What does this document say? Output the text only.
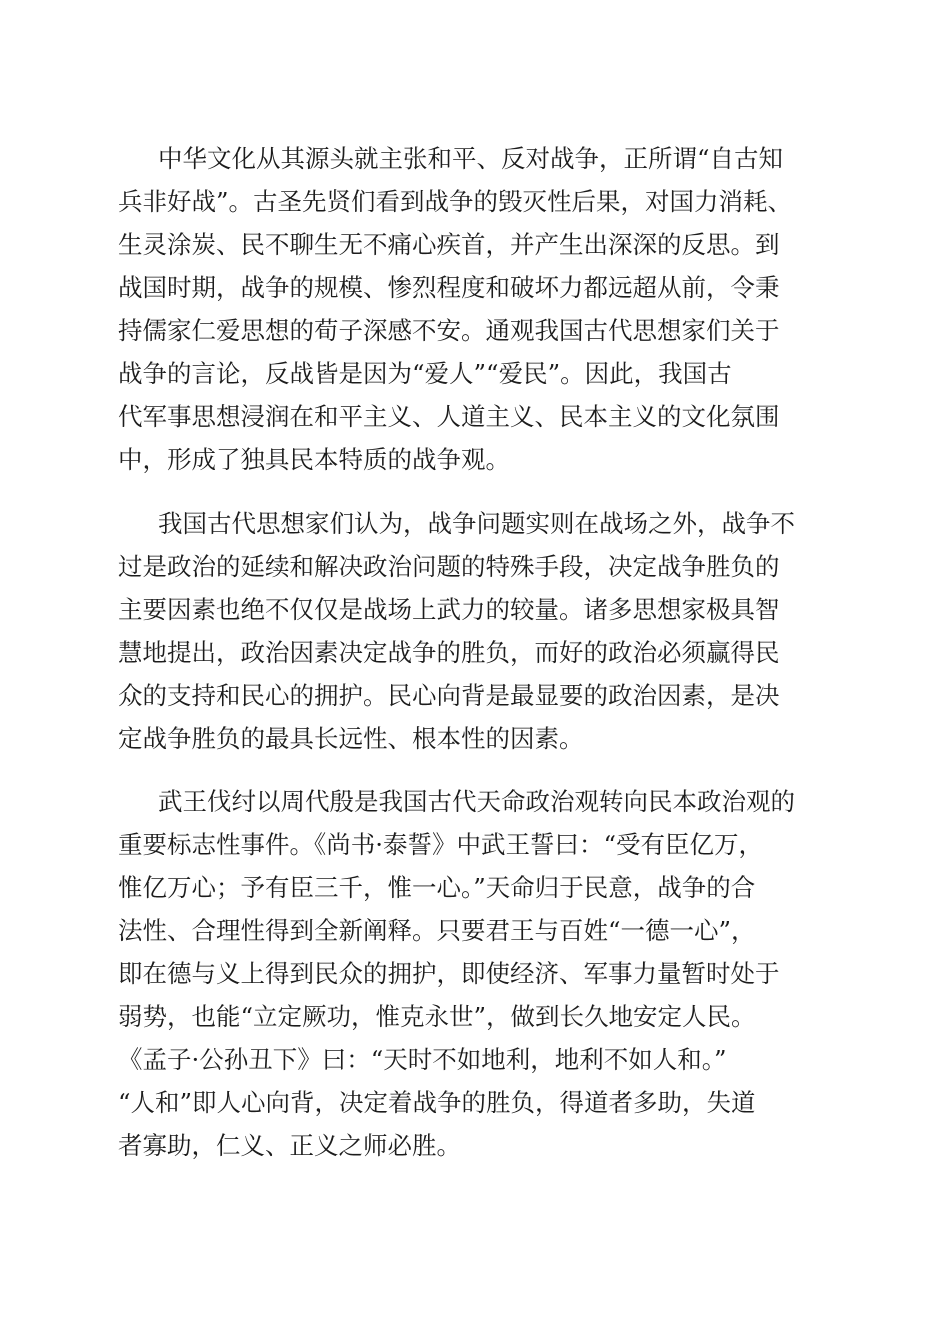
中华文化从其源头就主张和平、反对战争，正所谓“自古知
兵非好战”。古圣先贤们看到战争的毁灭性后果，对国力消耗、
生灵涂炭、民不聊生无不痛心疾首，并产生出深深的反思。到
战国时期，战争的规模、惨烈程度和破坏力都远超从前，令秉
持儒家仁爱思想的荀子深感不安。通观我国古代思想家们关于
战争的言论，反战皆是因为“爱人”“爱民”。因此，我国古
代军事思想浸润在和平主义、人道主义、民本主义的文化氛围
中，形成了独具民本特质的战争观。
我国古代思想家们认为，战争问题实则在战场之外，战争不
过是政治的延续和解决政治问题的特殊手段，决定战争胜负的
主要因素也绝不仅仅是战场上武力的较量。诸多思想家极具智
慧地提出，政治因素决定战争的胜负，而好的政治必须赢得民
众的支持和民心的拥护。民心向背是最显要的政治因素，是决
定战争胜负的最具长远性、根本性的因素。
武王伐纣以周代殷是我国古代天命政治观转向民本政治观的
重要标志性事件。《尚书·泰誓》中武王誓曰：“受有臣亿万，
惟亿万心；予有臣三千，惟一心。”天命归于民意，战争的合
法性、合理性得到全新阐释。只要君王与百姓“一德一心”，
即在德与义上得到民众的拥护，即使经济、军事力量暂时处于
弱势，也能“立定厥功，惟克永世”，做到长久地安定人民。
《孟子·公孙丑下》曰：“天时不如地利，地利不如人和。”
“人和”即人心向背，决定着战争的胜负，得道者多助，失道
者寡助，仁义、正义之师必胜。
